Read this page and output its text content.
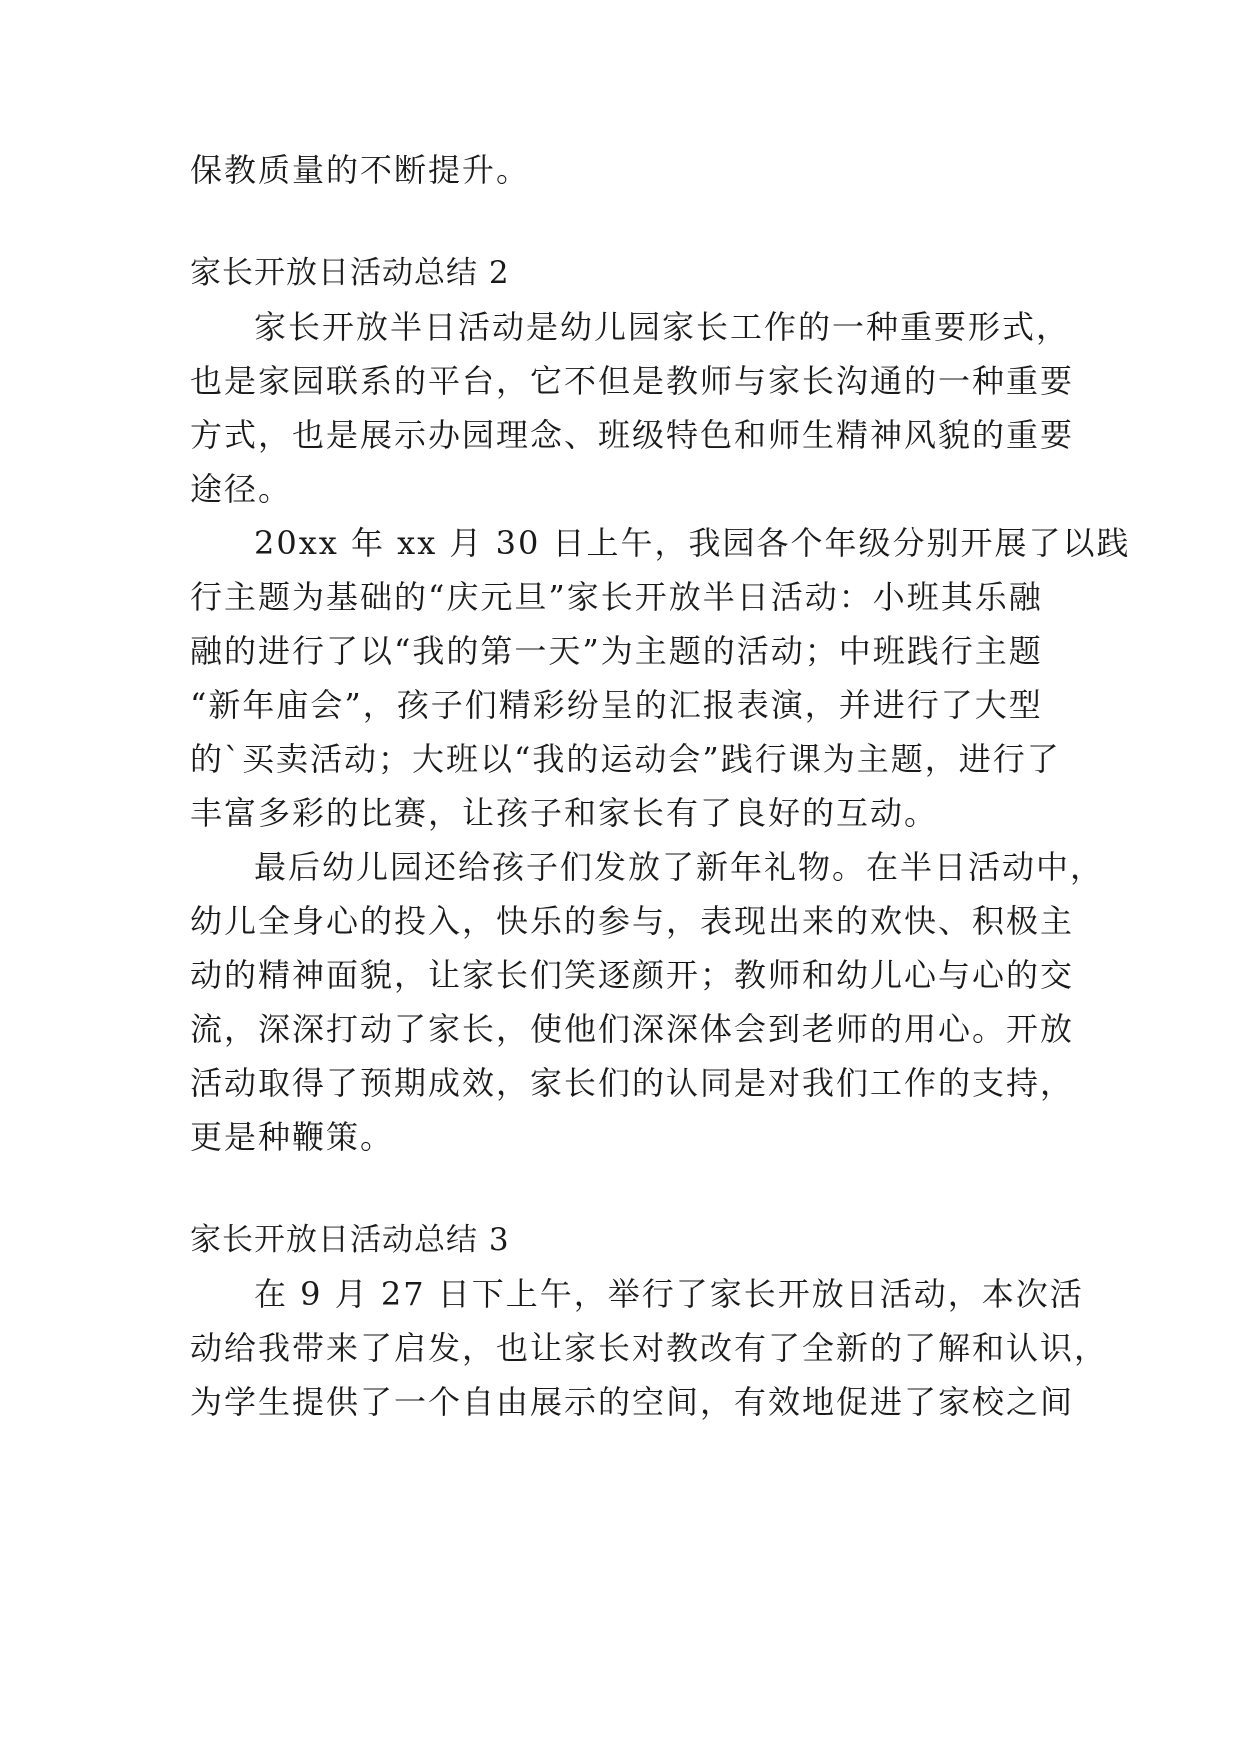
保教质量的不断提升。
家长开放日活动总结 2
家长开放半日活动是幼儿园家长工作的一种重要形式，
也是家园联系的平台，它不但是教师与家长沟通的一种重要
方式，也是展示办园理念、班级特色和师生精神风貌的重要
途径。
20xx 年 xx 月 30 日上午，我园各个年级分别开展了以践
行主题为基础的“庆元旦”家长开放半日活动：小班其乐融
融的进行了以“我的第一天”为主题的活动；中班践行主题
“新年庙会”，孩子们精彩纷呈的汇报表演，并进行了大型
的`买卖活动；大班以“我的运动会”践行课为主题，进行了
丰富多彩的比赛，让孩子和家长有了良好的互动。
最后幼儿园还给孩子们发放了新年礼物。在半日活动中，
幼儿全身心的投入，快乐的参与，表现出来的欢快、积极主
动的精神面貌，让家长们笑逐颜开；教师和幼儿心与心的交
流，深深打动了家长，使他们深深体会到老师的用心。开放
活动取得了预期成效，家长们的认同是对我们工作的支持，
更是种鞭策。
家长开放日活动总结 3
在 9 月 27 日下上午，举行了家长开放日活动，本次活
动给我带来了启发，也让家长对教改有了全新的了解和认识，
为学生提供了一个自由展示的空间，有效地促进了家校之间
